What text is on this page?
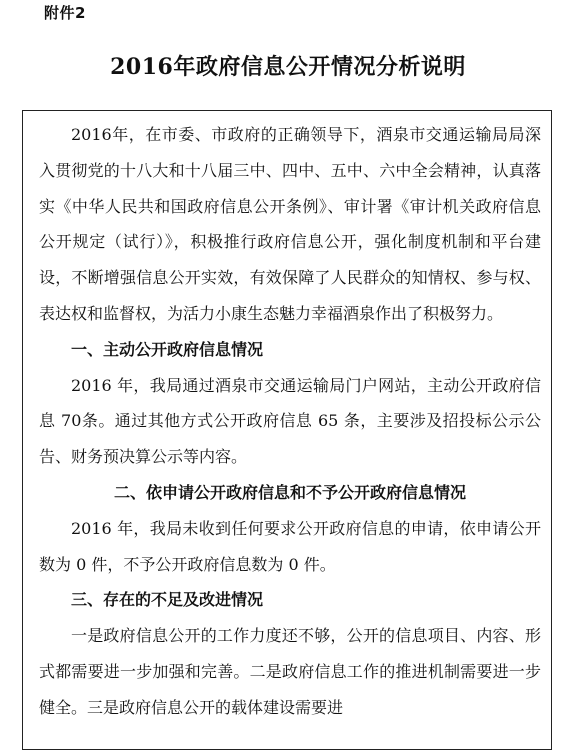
附件2
2016年政府信息公开情况分析说明

2016年，在市委、市政府的正确领导下，酒泉市交通运输局局深入贯彻党的十八大和十八届三中、四中、五中、六中全会精神，认真落实《中华人民共和国政府信息公开条例》、审计署《审计机关政府信息公开规定（试行）》，积极推行政府信息公开，强化制度机制和平台建设，不断增强信息公开实效，有效保障了人民群众的知情权、参与权、表达权和监督权，为活力小康生态魅力幸福酒泉作出了积极努力。

一、主动公开政府信息情况

2016 年，我局通过酒泉市交通运输局门户网站，主动公开政府信息 70条。通过其他方式公开政府信息 65 条，主要涉及招投标公示公告、财务预决算公示等内容。

二、依申请公开政府信息和不予公开政府信息情况

2016 年，我局未收到任何要求公开政府信息的申请，依申请公开数为 0 件，不予公开政府信息数为 0 件。

三、存在的不足及改进情况

一是政府信息公开的工作力度还不够，公开的信息项目、内容、形式都需要进一步加强和完善。二是政府信息工作的推进机制需要进一步健全。三是政府信息公开的载体建设需要进
